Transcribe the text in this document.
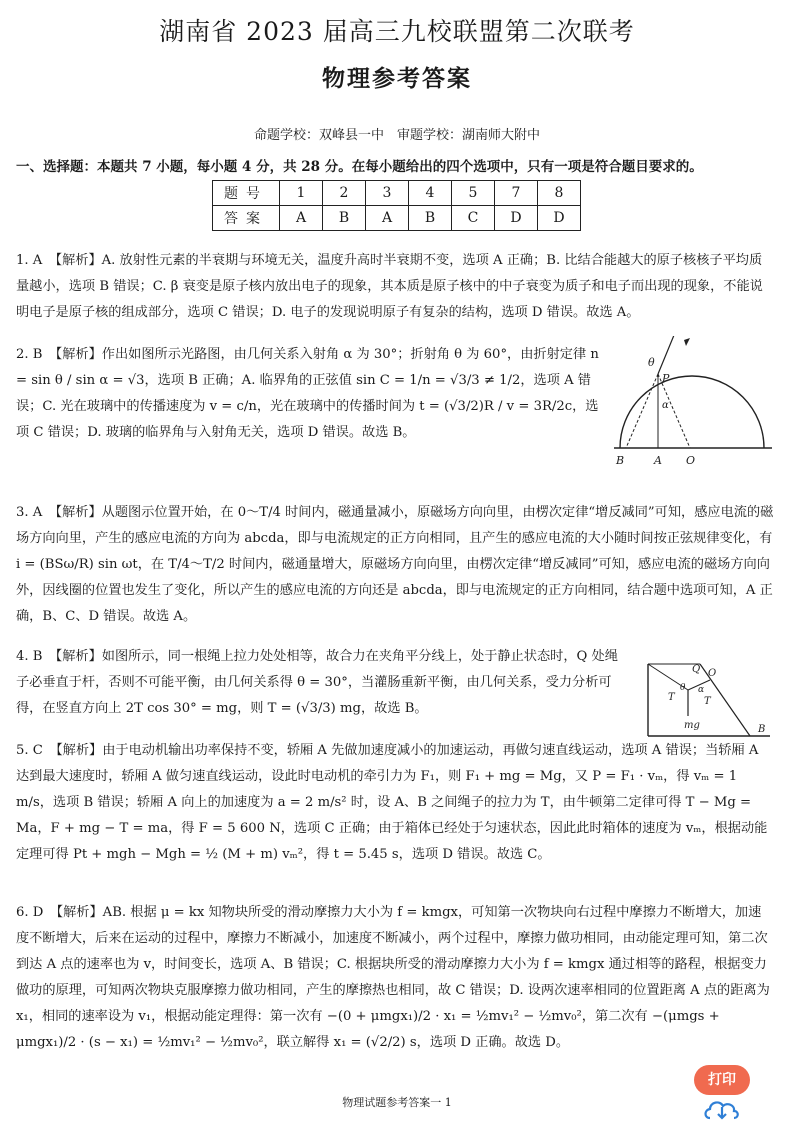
湖南省 2023 届高三九校联盟第二次联考
物理参考答案
命题学校：双峰县一中　审题学校：湖南师大附中
一、选择题：本题共 7 小题，每小题 4 分，共 28 分。在每小题给出的四个选项中，只有一项是符合题目要求的。
题号	1	2	3	4	5	7	8
答案	A	B	A	B	C	D	D
1. A　【解析】A. 放射性元素的半衰期与环境无关，温度升高时半衰期不变，选项 A 正确；B. 比结合能越大的原子核核子平均质量越小，选项 B 错误；C. β 衰变是原子核内放出电子的现象，其本质是原子核中的中子衰变为质子和电子而出现的现象，不能说明电子是原子核的组成部分，选项 C 错误；D. 电子的发现说明原子有复杂的结构，选项 D 错误。故选 A。
2. B　【解析】作出如图所示光路图，由几何关系入射角 α 为 30°；折射角 θ 为 60°，由折射定律 n = sin θ / sin α = √3，选项 B 正确；A. 临界角的正弦值 sin C = 1/n = √3/3 ≠ 1/2，选项 A 错误；C. 光在玻璃中的传播速度为 v = c/n，光在玻璃中的传播时间为 t = (√3/2)R / v = 3R/2c，选项 C 错误；D. 玻璃的临界角与入射角无关，选项 D 错误。故选 B。
3. A　【解析】从题图示位置开始，在 0～T/4 时间内，磁通量减小，原磁场方向向里，由楞次定律“增反减同”可知，感应电流的磁场方向向里，产生的感应电流的方向为 abcda，即与电流规定的正方向相同，且产生的感应电流的大小随时间按正弦规律变化，有 i = (BSω/R) sin ωt，在 T/4～T/2 时间内，磁通量增大，原磁场方向向里，由楞次定律“增反减同”可知，感应电流的磁场方向向外，因线圈的位置也发生了变化，所以产生的感应电流的方向还是 abcda，即与电流规定的正方向相同，结合题中选项可知，A 正确，B、C、D 错误。故选 A。
4. B　【解析】如图所示，同一根绳上拉力处处相等，故合力在夹角平分线上，处于静止状态时，Q 处绳子必垂直于杆，否则不可能平衡，由几何关系得 θ = 30°，当灌肠重新平衡，由几何关系，受力分析可得，在竖直方向上 2T cos 30° = mg，则 T = (√3/3) mg，故选 B。
5. C　【解析】由于电动机输出功率保持不变，轿厢 A 先做加速度减小的加速运动，再做匀速直线运动，选项 A 错误；当轿厢 A 达到最大速度时，轿厢 A 做匀速直线运动，设此时电动机的牵引力为 F₁，则 F₁ + mg = Mg，又 P = F₁ · vₘ，得 vₘ = 1 m/s，选项 B 错误；轿厢 A 向上的加速度为 a = 2 m/s² 时，设 A、B 之间绳子的拉力为 T，由牛顿第二定律可得 T − Mg = Ma，F + mg − T = ma，得 F = 5 600 N，选项 C 正确；由于箱体已经处于匀速状态，因此此时箱体的速度为 vₘ，根据动能定理可得 Pt + mgh − Mgh = ½ (M + m) vₘ²，得 t = 5.45 s，选项 D 错误。故选 C。
6. D　【解析】AB. 根据 μ = kx 知物块所受的滑动摩擦力大小为 f = kmgx，可知第一次物块向右过程中摩擦力不断增大，加速度不断增大，后来在运动的过程中，摩擦力不断减小，加速度不断减小，两个过程中，摩擦力做功相同，由动能定理可知，第二次到达 A 点的速率也为 v，时间变长，选项 A、B 错误；C. 根据块所受的滑动摩擦力大小为 f = kmgx 通过相等的路程，根据变力做功的原理，可知两次物块克服摩擦力做功相同，产生的摩擦热也相同，故 C 错误；D. 设两次速率相同的位置距离 A 点的距离为 x₁，相同的速率设为 v₁，根据动能定理得：第一次有 −(0 + μmgx₁)/2 · x₁ = ½mv₁² − ½mv₀²，第二次有 −(μmgs + μmgx₁)/2 · (s − x₁) = ½mv₁² − ½mv₀²，联立解得 x₁ = (√2/2) s，选项 D 正确。故选 D。
θ
P
α
B	A O
Q O
θ α
T	T
mg	B
物理试题参考答案一 1
打印
